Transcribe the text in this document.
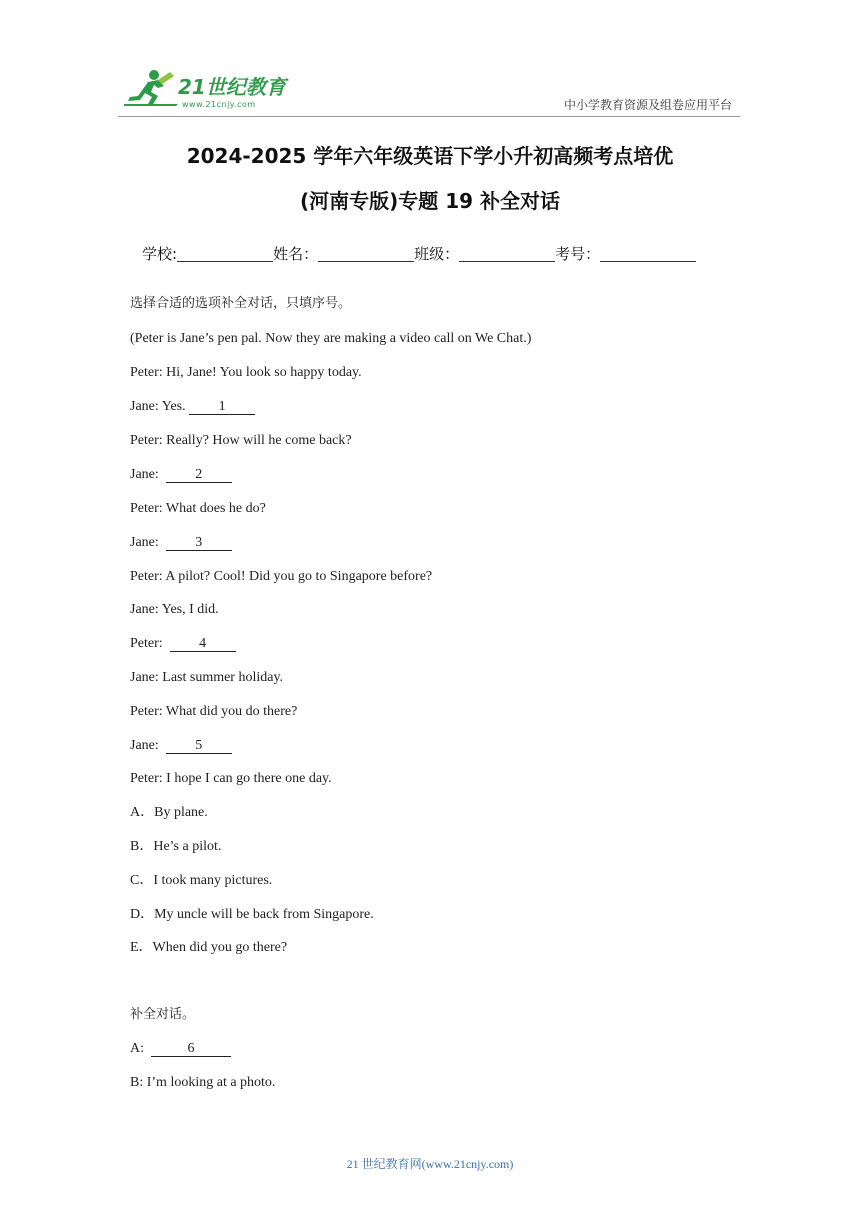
21世纪教育
www.21cnjy.com	中小学教育资源及组卷应用平台
2024-2025 学年六年级英语下学小升初高频考点培优
(河南专版)专题 19 补全对话
学校:	姓名：	班级：	考号：
选择合适的选项补全对话，只填序号。
(Peter is Jane’s pen pal. Now they are making a video call on We Chat.)
Peter: Hi, Jane! You look so happy today.
Jane: Yes. 1
Peter: Really? How will he come back?
Jane:  2
Peter: What does he do?
Jane:  3
Peter: A pilot? Cool! Did you go to Singapore before?
Jane: Yes, I did.
Peter:  4
Jane: Last summer holiday.
Peter: What did you do there?
Jane:  5
Peter: I hope I can go there one day.
A．By plane.
B．He’s a pilot.
C．I took many pictures.
D．My uncle will be back from Singapore.
E．When did you go there?
补全对话。
A:	6
B: I’m looking at a photo.
21 世纪教育网(www.21cnjy.com)
